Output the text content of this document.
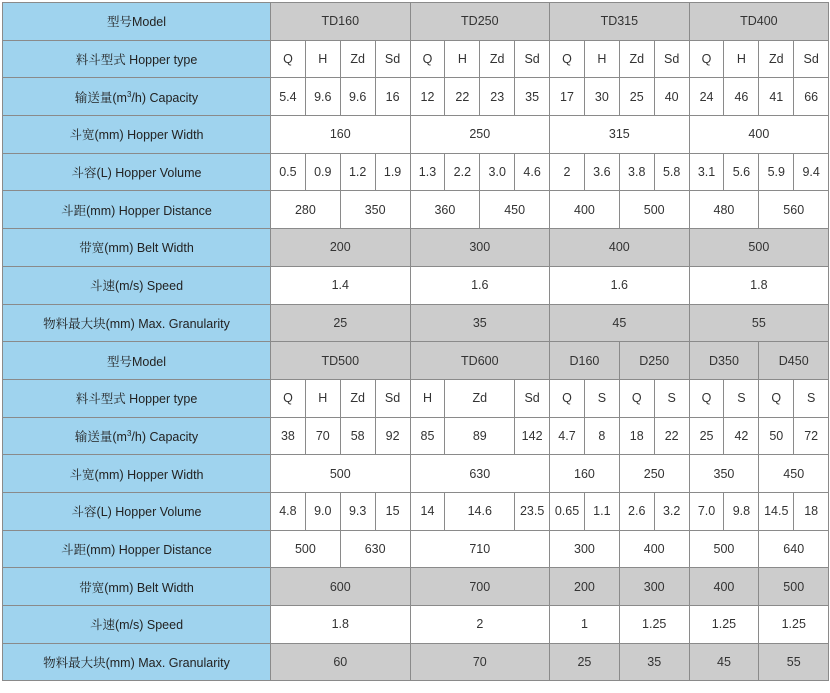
型号Model	TD160				TD250				TD315				TD400			
料斗型式 Hopper type	Q	H	Zd	Sd	Q	H	Zd	Sd	Q	H	Zd	Sd	Q	H	Zd	Sd
输送量$(m^3/h)$ Capacity	5.4	9.6	9.6	16	12	22	23	35	17	30	25	40	24	46	41	66
斗宽(mm) Hopper Width	160				250				315				400			
斗容(L) Hopper Volume	0.5	0.9	1.2	1.9	1.3	2.2	3.0	4.6	2	3.6	3.8	5.8	3.1	5.6	5.9	9.4
斗距(mm) Hopper Distance	280		350		360		450		400		500		480		560	
带宽(mm) Belt Width	200				300				400				500			
斗速(m/s) Speed	1.4				1.6				1.6				1.8			
物料最大块(mm) Max. Granularity	25				35				45				55			
型号Model	TD500				TD600				D160		D250		D350		D450	
料斗型式 Hopper type	Q	H	Zd	Sd	H	Zd		Sd	Q	S	Q	S	Q	S	Q	S
输送量$(m^3/h)$ Capacity	38	70	58	92	85	89		142	4.7	8	18	22	25	42	50	72
斗宽(mm) Hopper Width	500				630				160		250		350		450	
斗容(L) Hopper Volume	4.8	9.0	9.3	15	14	14.6		23.5	0.65	1.1	2.6	3.2	7.0	9.8	14.5	18
斗距(mm) Hopper Distance	500		630		710				300		400		500		640	
带宽(mm) Belt Width	600				700				200		300		400		500	
斗速(m/s) Speed	1.8				2				1		1.25		1.25		1.25	
物料最大块(mm) Max. Granularity	60				70				25		35		45		55	
